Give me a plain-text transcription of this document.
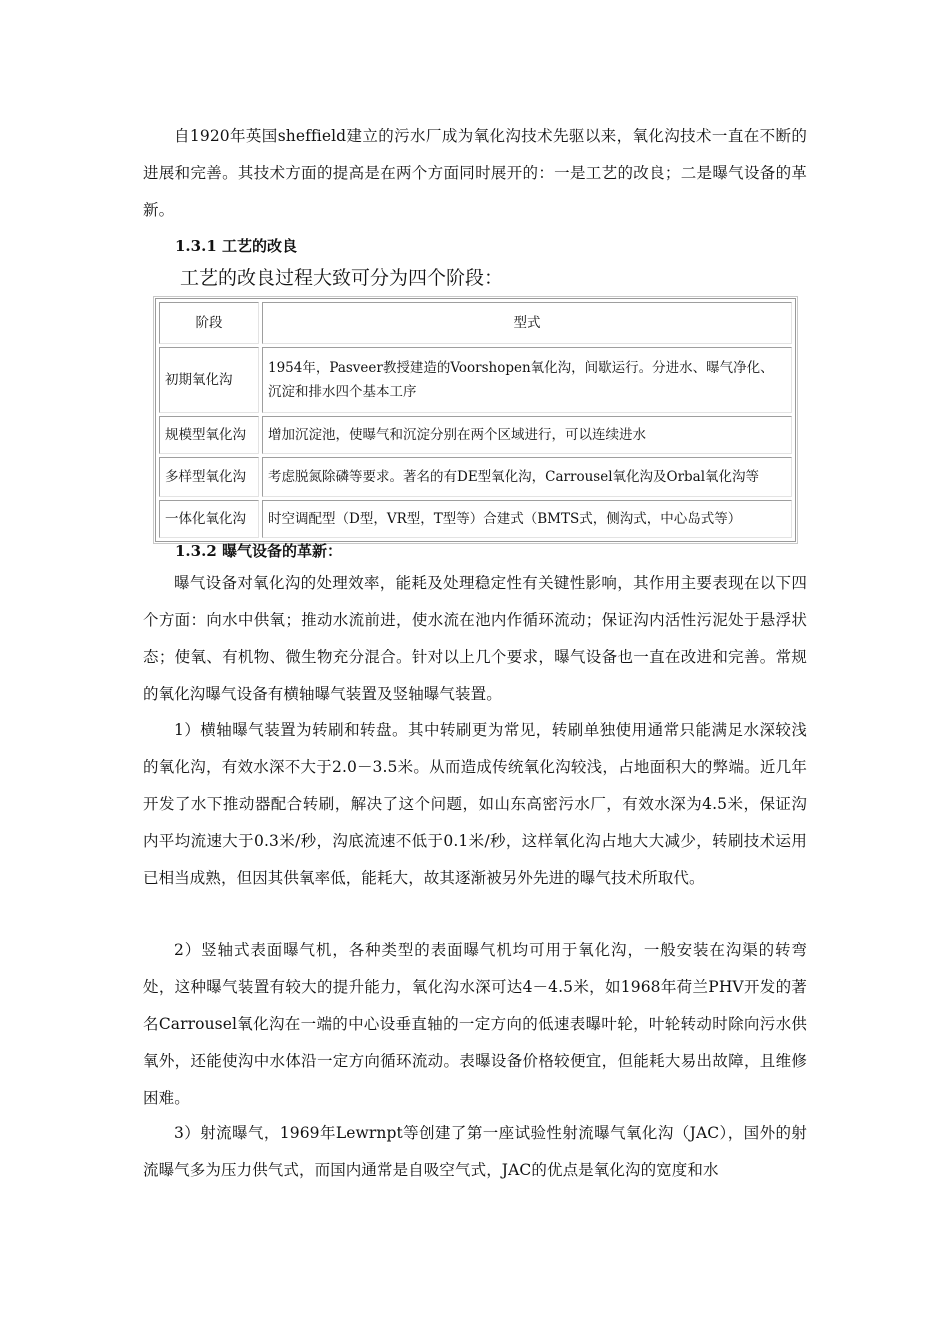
自1920年英国sheffield建立的污水厂成为氧化沟技术先驱以来，氧化沟技术一直在不断的进展和完善。其技术方面的提高是在两个方面同时展开的：一是工艺的改良；二是曝气设备的革新。

1.3.1 工艺的改良

工艺的改良过程大致可分为四个阶段：

阶段	型式
初期氧化沟	1954年，Pasveer教授建造的Voorshopen氧化沟，间歇运行。分进水、曝气净化、沉淀和排水四个基本工序
规模型氧化沟	增加沉淀池，使曝气和沉淀分别在两个区域进行，可以连续进水
多样型氧化沟	考虑脱氮除磷等要求。著名的有DE型氧化沟，Carrousel氧化沟及Orbal氧化沟等
一体化氧化沟	时空调配型（D型，VR型，T型等）合建式（BMTS式，侧沟式，中心岛式等）

1.3.2 曝气设备的革新：

曝气设备对氧化沟的处理效率，能耗及处理稳定性有关键性影响，其作用主要表现在以下四个方面：向水中供氧；推动水流前进，使水流在池内作循环流动；保证沟内活性污泥处于悬浮状态；使氧、有机物、微生物充分混合。针对以上几个要求，曝气设备也一直在改进和完善。常规的氧化沟曝气设备有横轴曝气装置及竖轴曝气装置。

1）横轴曝气装置为转刷和转盘。其中转刷更为常见，转刷单独使用通常只能满足水深较浅的氧化沟，有效水深不大于2.0－3.5米。从而造成传统氧化沟较浅，占地面积大的弊端。近几年开发了水下推动器配合转刷，解决了这个问题，如山东高密污水厂，有效水深为4.5米，保证沟内平均流速大于0.3米/秒，沟底流速不低于0.1米/秒，这样氧化沟占地大大减少，转刷技术运用已相当成熟，但因其供氧率低，能耗大，故其逐渐被另外先进的曝气技术所取代。

2）竖轴式表面曝气机，各种类型的表面曝气机均可用于氧化沟，一般安装在沟渠的转弯处，这种曝气装置有较大的提升能力，氧化沟水深可达4－4.5米，如1968年荷兰PHV开发的著名Carrousel氧化沟在一端的中心设垂直轴的一定方向的低速表曝叶轮，叶轮转动时除向污水供氧外，还能使沟中水体沿一定方向循环流动。表曝设备价格较便宜，但能耗大易出故障，且维修困难。

3）射流曝气，1969年Lewrnpt等创建了第一座试验性射流曝气氧化沟（JAC），国外的射流曝气多为压力供气式，而国内通常是自吸空气式，JAC的优点是氧化沟的宽度和水
